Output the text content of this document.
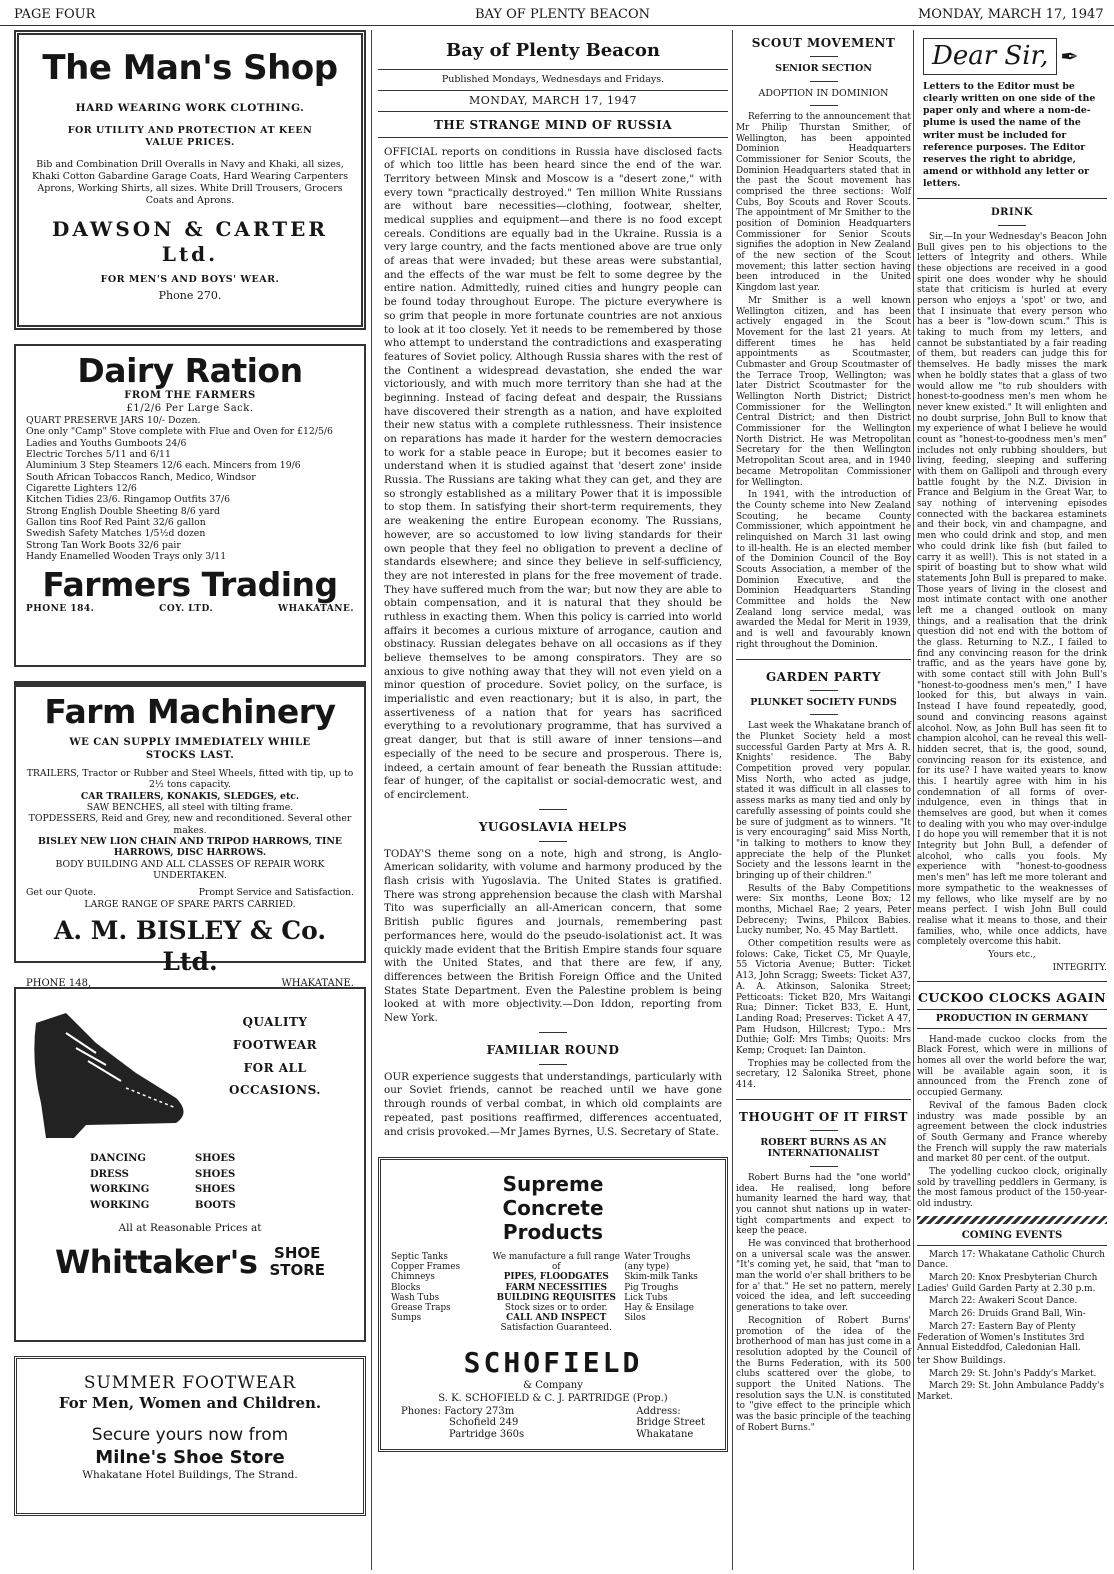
PAGE FOUR	BAY OF PLENTY BEACON	MONDAY, MARCH 17, 1947
The Man's Shop
HARD WEARING WORK CLOTHING.
FOR UTILITY AND PROTECTION AT KEEN VALUE PRICES.
Bib and Combination Drill Overalls in Navy and Khaki, all sizes, Khaki Cotton Gabardine Garage Coats, Hard Wearing Carpenters Aprons, Working Shirts, all sizes. White Drill Trousers, Grocers Coats and Aprons.
DAWSON & CARTER Ltd.
FOR MEN'S AND BOYS' WEAR.
Phone 270.
Dairy Ration
FROM THE FARMERS
£1/2/6 Per Large Sack.
QUART PRESERVE JARS 10/- Dozen.
One only "Camp" Stove complete with Flue and Oven for £12/5/6
Ladies and Youths Gumboots 24/6
Electric Torches 5/11 and 6/11
Aluminium 3 Step Steamers 12/6 each. Mincers from 19/6
South African Tobaccos Ranch, Medico, Windsor
Cigarette Lighters 12/6
Kitchen Tidies 23/6. Ringamop Outfits 37/6
Strong English Double Sheeting 8/6 yard
Gallon tins Roof Red Paint 32/6 gallon
Swedish Safety Matches 1/5½d dozen
Strong Tan Work Boots 32/6 pair
Handy Enamelled Wooden Trays only 3/11
Farmers Trading
PHONE 184.	COY. LTD.	WHAKATANE.
Farm Machinery
WE CAN SUPPLY IMMEDIATELY WHILE STOCKS LAST.
TRAILERS, Tractor or Rubber and Steel Wheels, fitted with tip, up to 2½ tons capacity.
CAR TRAILERS, KONAKIS, SLEDGES, etc.
SAW BENCHES, all steel with tilting frame.
TOPDESSERS, Reid and Grey, new and reconditioned. Several other makes.
BISLEY NEW LION CHAIN AND TRIPOD HARROWS, TINE HARROWS, DISC HARROWS.
BODY BUILDING AND ALL CLASSES OF REPAIR WORK UNDERTAKEN.
Get our Quote.	Prompt Service and Satisfaction.
LARGE RANGE OF SPARE PARTS CARRIED.
A. M. BISLEY & Co. Ltd.
PHONE 148,	WHAKATANE.
QUALITY
FOOTWEAR
FOR ALL
OCCASIONS.
DANCING	SHOES
DRESS	SHOES
WORKING	SHOES
WORKING	BOOTS
All at Reasonable Prices at
Whittaker's	SHOE
STORE
SUMMER FOOTWEAR
For Men, Women and Children.
Secure yours now from
Milne's Shoe Store
Whakatane Hotel Buildings, The Strand.
Bay of Plenty Beacon
Published Mondays, Wednesdays and Fridays.
MONDAY, MARCH 17, 1947
THE STRANGE MIND OF RUSSIA

OFFICIAL reports on conditions in Russia have disclosed facts of which too little has been heard since the end of the war. Territory between Minsk and Moscow is a "desert zone," with every town "practically destroyed." Ten million White Russians are without bare necessities—clothing, footwear, shelter, medical supplies and equipment—and there is no food except cereals. Conditions are equally bad in the Ukraine. Russia is a very large country, and the facts mentioned above are true only of areas that were invaded; but these areas were substantial, and the effects of the war must be felt to some degree by the entire nation. Admittedly, ruined cities and hungry people can be found today throughout Europe. The picture everywhere is so grim that people in more fortunate countries are not anxious to look at it too closely. Yet it needs to be remembered by those who attempt to understand the contradictions and exasperating features of Soviet policy. Although Russia shares with the rest of the Continent a widespread devastation, she ended the war victoriously, and with much more territory than she had at the beginning. Instead of facing defeat and despair, the Russians have discovered their strength as a nation, and have exploited their new status with a complete ruthlessness. Their insistence on reparations has made it harder for the western democracies to work for a stable peace in Europe; but it becomes easier to understand when it is studied against that 'desert zone' inside Russia. The Russians are taking what they can get, and they are so strongly established as a military Power that it is impossible to stop them. In satisfying their short-term requirements, they are weakening the entire European economy. The Russians, however, are so accustomed to low living standards for their own people that they feel no obligation to prevent a decline of standards elsewhere; and since they believe in self-sufficiency, they are not interested in plans for the free movement of trade. They have suffered much from the war; but now they are able to obtain compensation, and it is natural that they should be ruthless in exacting them. When this policy is carried into world affairs it becomes a curious mixture of arrogance, caution and obstinacy. Russian delegates behave on all occasions as if they believe themselves to be among conspirators. They are so anxious to give nothing away that they will not even yield on a minor question of procedure. Soviet policy, on the surface, is imperialistic and even reactionary; but it is also, in part, the assertiveness of a nation that for years has sacrificed everything to a revolutionary programme, that has survived a great danger, but that is still aware of inner tensions—and especially of the need to be secure and prosperous. There is, indeed, a certain amount of fear beneath the Russian attitude: fear of hunger, of the capitalist or social-democratic west, and of encirclement.

YUGOSLAVIA HELPS

TODAY'S theme song on a note, high and strong, is Anglo-American solidarity, with volume and harmony produced by the flash crisis with Yugoslavia. The United States is gratified. There was strong apprehension because the clash with Marshal Tito was superficially an all-American concern, that some British public figures and journals, remembering past performances here, would do the pseudo-isolationist act. It was quickly made evident that the British Empire stands four square with the United States, and that there are few, if any, differences between the British Foreign Office and the United States State Department. Even the Palestine problem is being looked at with more objectivity.—Don Iddon, reporting from New York.

FAMILIAR ROUND

OUR experience suggests that understandings, particularly with our Soviet friends, cannot be reached until we have gone through rounds of verbal combat, in which old complaints are repeated, past positions reaffirmed, differences accentuated, and crisis provoked.—Mr James Byrnes, U.S. Secretary of State.

Supreme Concrete Products
Septic Tanks
Copper Frames
Chimneys
Blocks
Wash Tubs
Grease Traps
Sumps
We manufacture a full range of
PIPES, FLOODGATES
FARM NECESSITIES
BUILDING REQUISITES
Stock sizes or to order.
CALL AND INSPECT
Satisfaction Guaranteed.
Water Troughs
(any type)
Skim-milk Tanks
Pig Troughs
Lick Tubs
Hay & Ensilage
Silos
SCHOFIELD
& Company
S. K. SCHOFIELD & C. J. PARTRIDGE (Prop.)
Phones: Factory 273m
Schofield 249
Partridge 360s
Address:
Bridge Street
Whakatane
SCOUT MOVEMENT
SENIOR SECTION
ADOPTION IN DOMINION

Referring to the announcement that Mr Philip Thurstan Smither, of Wellington, has been appointed Dominion Headquarters Commissioner for Senior Scouts, the Dominion Headquarters stated that in the past the Scout movement has comprised the three sections: Wolf Cubs, Boy Scouts and Rover Scouts. The appointment of Mr Smither to the position of Dominion Headquarters Commissioner for Senior Scouts signifies the adoption in New Zealand of the new section of the Scout movement; this latter section having been introduced in the United Kingdom last year.

Mr Smither is a well known Wellington citizen, and has been actively engaged in the Scout Movement for the last 21 years. At different times he has held appointments as Scoutmaster, Cubmaster and Group Scoutmaster of the Terrace Troop, Wellington; was later District Scoutmaster for the Wellington North District; District Commissioner for the Wellington Central District; and then District Commissioner for the Wellington North District. He was Metropolitan Secretary for the then Wellington Metropolitan Scout area, and in 1940 became Metropolitan Commissioner for Wellington.

In 1941, with the introduction of the County scheme into New Zealand Scouting, he became County Commissioner, which appointment he relinquished on March 31 last owing to ill-health. He is an elected member of the Dominion Council of the Boy Scouts Association, a member of the Dominion Executive, and the Dominion Headquarters Standing Committee and holds the New Zealand long service medal, was awarded the Medal for Merit in 1939, and is well and favourably known right throughout the Dominion.

GARDEN PARTY
PLUNKET SOCIETY FUNDS

Last week the Whakatane branch of the Plunket Society held a most successful Garden Party at Mrs A. R. Knights' residence. The Baby Competition proved very popular. Miss North, who acted as judge, stated it was difficult in all classes to assess marks as many tied and only by carefully assessing of points could she be sure of judgment as to winners. "It is very encouraging" said Miss North, "in talking to mothers to know they appreciate the help of the Plunket Society and the lessons learnt in the bringing up of their children."

Results of the Baby Competitions were: Six months, Leone Box; 12 months, Michael Rae; 2 years, Peter Debreceny; Twins, Philcox Babies. Lucky number, No. 45 May Bartlett.

Other competition results were as folows: Cake, Ticket C5, Mr Quayle, 55 Victoria Avenue; Butter: Ticket A13, John Scragg; Sweets: Ticket A37, A. A. Atkinson, Salonika Street; Petticoats: Ticket B20, Mrs Waitangi Rua; Dinner: Ticket B33, E. Hunt, Landing Road; Preserves: Ticket A 47, Pam Hudson, Hillcrest; Typo.: Mrs Duthie; Golf: Mrs Timbs; Quoits: Mrs Kemp; Croquet: Ian Dainton.

Trophies may be collected from the secretary, 12 Salonika Street, phone 414.

THOUGHT OF IT FIRST
ROBERT BURNS AS AN INTERNATIONALIST

Robert Burns had the "one world" idea. He realised, long before humanity learned the hard way, that you cannot shut nations up in water-tight compartments and expect to keep the peace.

He was convinced that brotherhood on a universal scale was the answer. "It's coming yet, he said, that "man to man the world o'er shall brithers to be for a' that." He set no pattern, merely voiced the idea, and left succeeding generations to take over.

Recognition of Robert Burns' promotion of the idea of the brotherhood of man has just come in a resolution adopted by the Council of the Burns Federation, with its 500 clubs scattered over the globe, to support the United Nations. The resolution says the U.N. is constituted to "give effect to the principle which was the basic principle of the teaching of Robert Burns."

Dear Sir, ✒
Letters to the Editor must be clearly written on one side of the paper only and where a nom-de-plume is used the name of the writer must be included for reference purposes. The Editor reserves the right to abridge, amend or withhold any letter or letters.
DRINK

Sir,—In your Wednesday's Beacon John Bull gives pen to his objections to the letters of Integrity and others. While these objections are received in a good spirit one does wonder why he should state that criticism is hurled at every person who enjoys a 'spot' or two, and that I insinuate that every person who has a beer is "low-down scum." This is taking to much from my letters, and cannot be substantiated by a fair reading of them, but readers can judge this for themselves. He badly misses the mark when he boldly states that a glass of two would allow me "to rub shoulders with honest-to-goodness men's men whom he never knew existed." It will enlighten and no doubt surprise, John Bull to know that my experience of what I believe he would count as "honest-to-goodness men's men" includes not only rubbing shoulders, but living, feeding, sleeping and suffering with them on Gallipoli and through every battle fought by the N.Z. Division in France and Belgium in the Great War, to say nothing of intervening episodes connected with the backarea estaminets and their bock, vin and champagne, and men who could drink and stop, and men who could drink like fish (but failed to carry it as well!). This is not stated in a spirit of boasting but to show what wild statements John Bull is prepared to make. Those years of living in the closest and most intimate contact with one another left me a changed outlook on many things, and a realisation that the drink question did not end with the bottom of the glass. Returning to N.Z., I failed to find any convincing reason for the drink traffic, and as the years have gone by, with some contact still with John Bull's "honest-to-goodness men's men," I have looked for this, but always in vain. Instead I have found repeatedly, good, sound and convincing reasons against alcohol. Now, as John Bull has seen fit to champion alcohol, can he reveal this well-hidden secret, that is, the good, sound, convincing reason for its existence, and for its use? I have waited years to know this. I heartily agree with him in his condemnation of all forms of over-indulgence, even in things that in themselves are good, but when it comes to dealing with you who may over-indulge I do hope you will remember that it is not Integrity but John Bull, a defender of alcohol, who calls you fools. My experience with "honest-to-goodness men's men" has left me more tolerant and more sympathetic to the weaknesses of my fellows, who like myself are by no means perfect. I wish John Bull could realise what it means to those, and their families, who, while once addicts, have completely overcome this habit.

Yours etc.,

INTEGRITY.

CUCKOO CLOCKS AGAIN
PRODUCTION IN GERMANY

Hand-made cuckoo clocks from the Black Forest, which were in millions of homes all over the world before the war, will be available again soon, it is announced from the French zone of occupied Germany.

Revival of the famous Baden clock industry was made possible by an agreement between the clock industries of South Germany and France whereby the French will supply the raw materials and market 80 per cent. of the output.

The yodelling cuckoo clock, originally sold by travelling peddlers in Germany, is the most famous product of the 150-year-old industry.

COMING EVENTS

March 17: Whakatane Catholic Church Dance.

March 20: Knox Presbyterian Church Ladies' Guild Garden Party at 2.30 p.m.

March 22: Awakeri Scout Dance.

March 26: Druids Grand Ball, Win-

March 27: Eastern Bay of Plenty Federation of Women's Institutes 3rd Annual Eisteddfod, Caledonian Hall.

ter Show Buildings.

March 29: St. John's Paddy's Market.

March 29: St. John Ambulance Paddy's Market.
